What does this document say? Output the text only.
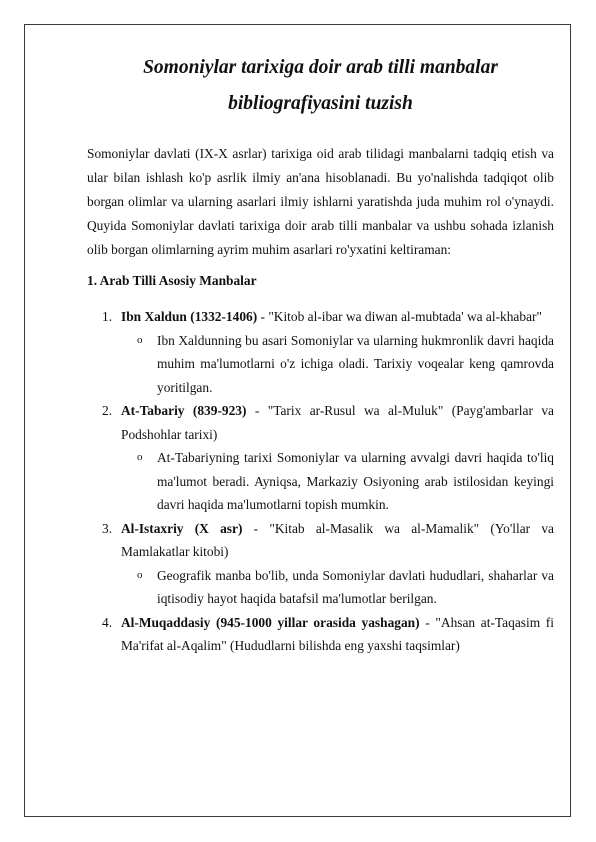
Somoniylar tarixiga doir arab tilli manbalar
bibliografiyasini tuzish

Somoniylar davlati (IX-X asrlar) tarixiga oid arab tilidagi manbalarni tadqiq etish va ular bilan ishlash ko'p asrlik ilmiy an'ana hisoblanadi. Bu yo'nalishda tadqiqot olib borgan olimlar va ularning asarlari ilmiy ishlarni yaratishda juda muhim rol o'ynaydi. Quyida Somoniylar davlati tarixiga doir arab tilli manbalar va ushbu sohada izlanish olib borgan olimlarning ayrim muhim asarlari ro'yxatini keltiraman:

1. Arab Tilli Asosiy Manbalar

1. Ibn Xaldun (1332-1406) - "Kitob al-ibar wa diwan al-mubtada' wa al-khabar"
o Ibn Xaldunning bu asari Somoniylar va ularning hukmronlik davri haqida muhim ma'lumotlarni o'z ichiga oladi. Tarixiy voqealar keng qamrovda yoritilgan.
2. At-Tabariy (839-923) - "Tarix ar-Rusul wa al-Muluk" (Payg'ambarlar va Podshohlar tarixi)
o At-Tabariyning tarixi Somoniylar va ularning avvalgi davri haqida to'liq ma'lumot beradi. Ayniqsa, Markaziy Osiyoning arab istilosidan keyingi davri haqida ma'lumotlarni topish mumkin.
3. Al-Istaxriy (X asr) - "Kitab al-Masalik wa al-Mamalik" (Yo'llar va Mamlakatlar kitobi)
o Geografik manba bo'lib, unda Somoniylar davlati hududlari, shaharlar va iqtisodiy hayot haqida batafsil ma'lumotlar berilgan.
4. Al-Muqaddasiy (945-1000 yillar orasida yashagan) - "Ahsan at-Taqasim fi Ma'rifat al-Aqalim" (Hududlarni bilishda eng yaxshi taqsimlar)
